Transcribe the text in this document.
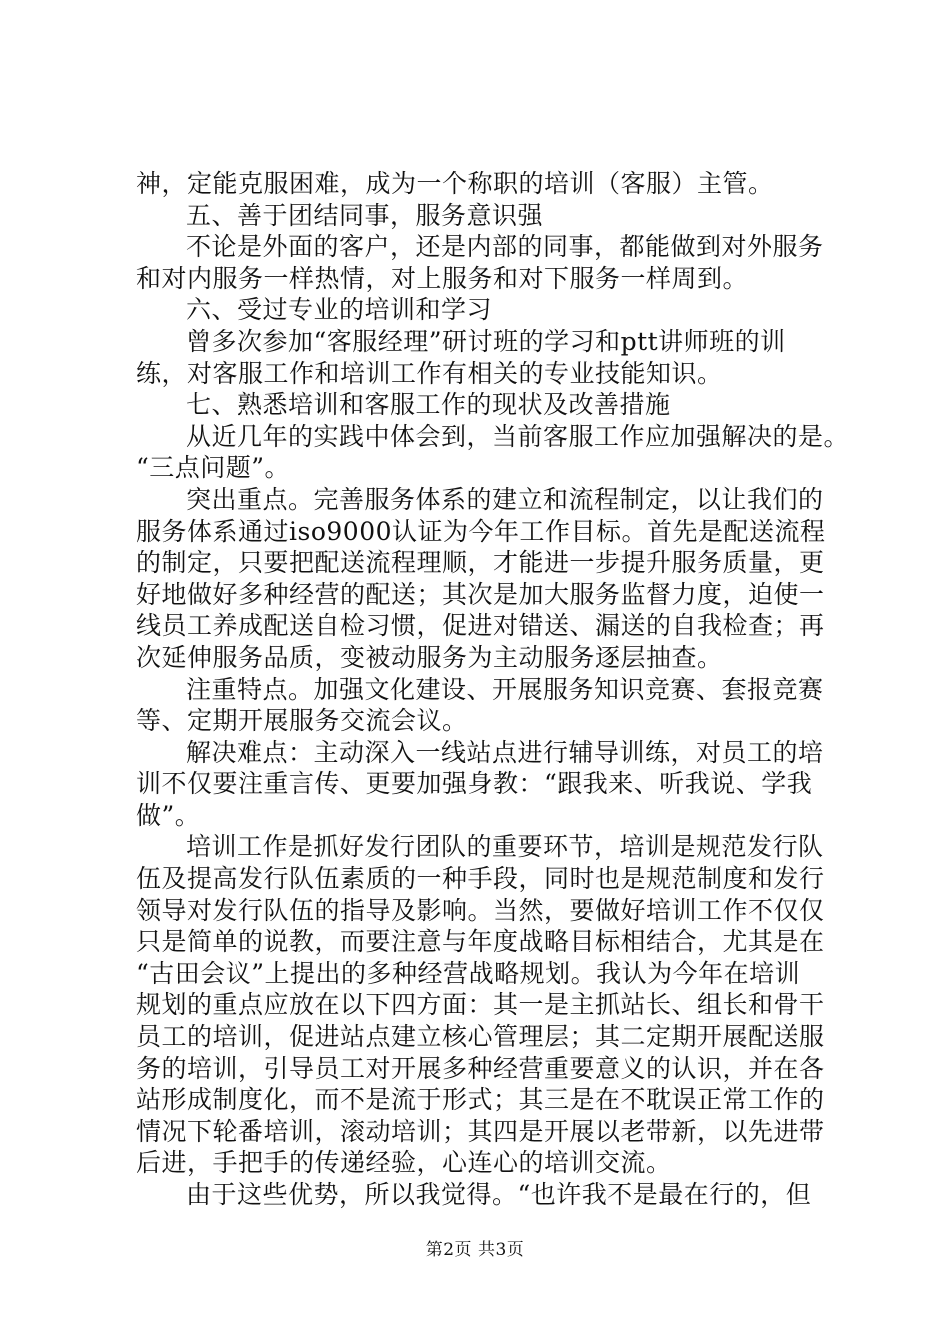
神，定能克服困难，成为一个称职的培训（客服）主管。
五、善于团结同事，服务意识强
不论是外面的客户，还是内部的同事，都能做到对外服务
和对内服务一样热情，对上服务和对下服务一样周到。
六、受过专业的培训和学习
曾多次参加“客服经理”研讨班的学习和ptt讲师班的训
练，对客服工作和培训工作有相关的专业技能知识。
七、熟悉培训和客服工作的现状及改善措施
从近几年的实践中体会到，当前客服工作应加强解决的是。
“三点问题”。
突出重点。完善服务体系的建立和流程制定，以让我们的
服务体系通过iso9000认证为今年工作目标。首先是配送流程
的制定，只要把配送流程理顺，才能进一步提升服务质量，更
好地做好多种经营的配送；其次是加大服务监督力度，迫使一
线员工养成配送自检习惯，促进对错送、漏送的自我检查；再
次延伸服务品质，变被动服务为主动服务逐层抽查。
注重特点。加强文化建设、开展服务知识竞赛、套报竞赛
等、定期开展服务交流会议。
解决难点：主动深入一线站点进行辅导训练，对员工的培
训不仅要注重言传、更要加强身教：“跟我来、听我说、学我
做”。
培训工作是抓好发行团队的重要环节，培训是规范发行队
伍及提高发行队伍素质的一种手段，同时也是规范制度和发行
领导对发行队伍的指导及影响。当然，要做好培训工作不仅仅
只是简单的说教，而要注意与年度战略目标相结合，尤其是在
“古田会议”上提出的多种经营战略规划。我认为今年在培训
规划的重点应放在以下四方面：其一是主抓站长、组长和骨干
员工的培训，促进站点建立核心管理层；其二定期开展配送服
务的培训，引导员工对开展多种经营重要意义的认识，并在各
站形成制度化，而不是流于形式；其三是在不耽误正常工作的
情况下轮番培训，滚动培训；其四是开展以老带新，以先进带
后进，手把手的传递经验，心连心的培训交流。
由于这些优势，所以我觉得。“也许我不是最在行的，但
第2页 共3页
